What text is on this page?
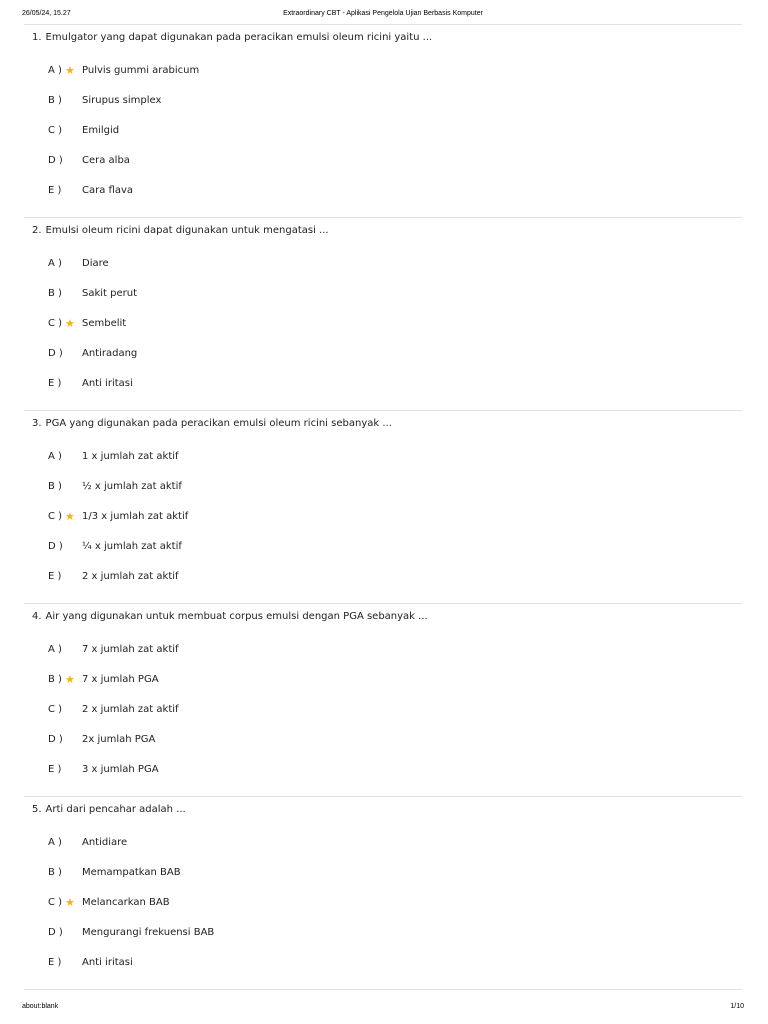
26/05/24, 15.27	Extraordinary CBT - Aplikasi Pengelola Ujian Berbasis Komputer
1. Emulgator yang dapat digunakan pada peracikan emulsi oleum ricini yaitu ...
A ) ★ Pulvis gummi arabicum
B )	Sirupus simplex
C )	Emilgid
D )	Cera alba
E )	Cara flava
2. Emulsi oleum ricini dapat digunakan untuk mengatasi ...
A )	Diare
B )	Sakit perut
C ) ★ Sembelit
D )	Antiradang
E )	Anti iritasi
3. PGA yang digunakan pada peracikan emulsi oleum ricini sebanyak ...
A )	1 x jumlah zat aktif
B )	½ x jumlah zat aktif
C ) ★ 1/3 x jumlah zat aktif
D )	¼ x jumlah zat aktif
E )	2 x jumlah zat aktif
4. Air yang digunakan untuk membuat corpus emulsi dengan PGA sebanyak ...
A )	7 x jumlah zat aktif
B ) ★ 7 x jumlah PGA
C )	2 x jumlah zat aktif
D )	2x jumlah PGA
E )	3 x jumlah PGA
5. Arti dari pencahar adalah ...
A )	Antidiare
B )	Memampatkan BAB
C ) ★ Melancarkan BAB
D )	Mengurangi frekuensi BAB
E )	Anti iritasi
about:blank	1/10
